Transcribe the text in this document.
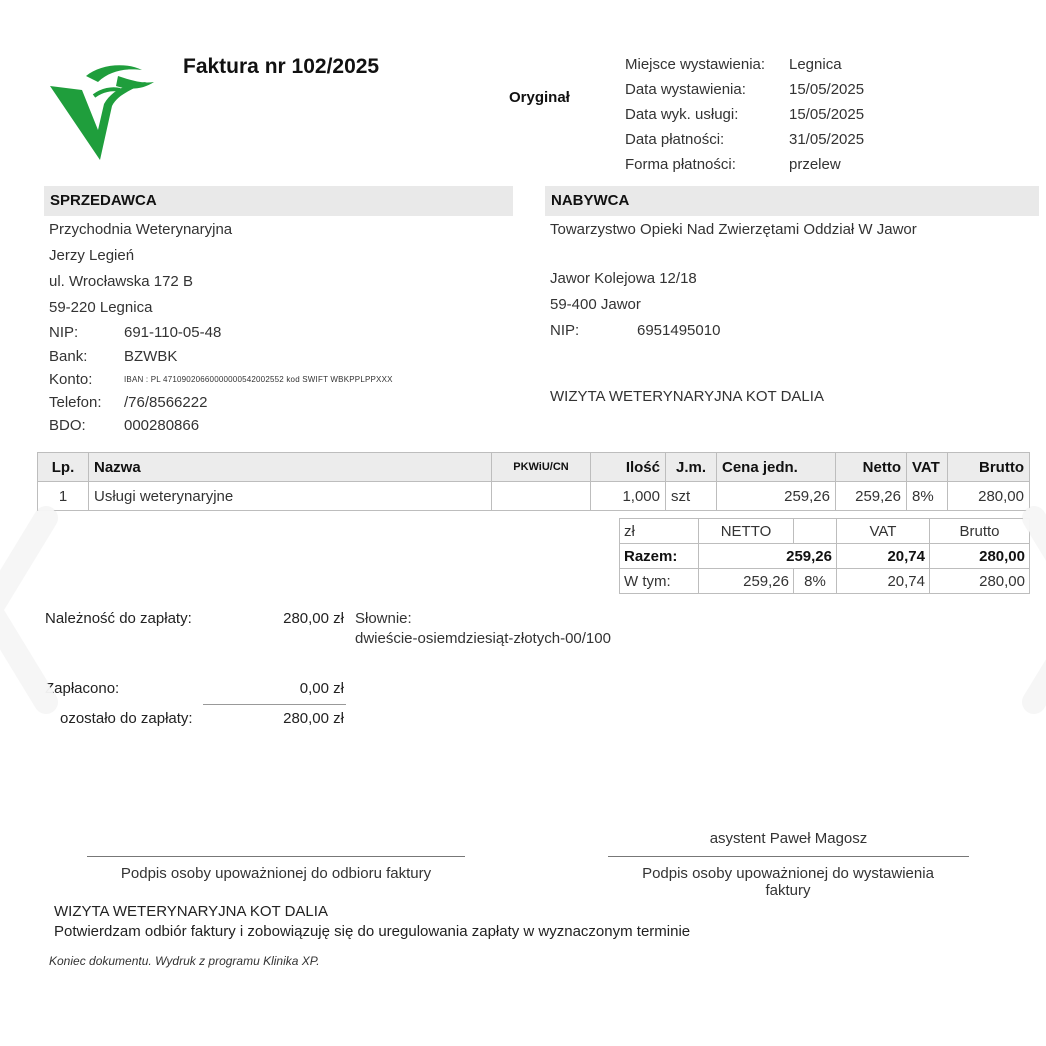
Faktura nr 102/2025
Oryginał
Miejsce wystawienia:	Legnica
Data wystawienia:	15/05/2025
Data wyk. usługi:	15/05/2025
Data płatności:	31/05/2025
Forma płatności:	przelew
SPRZEDAWCA
Przychodnia Weterynaryjna
Jerzy Legień
ul. Wrocławska 172 B
59-220 Legnica
NIP:	691-110-05-48
Bank:	BZWBK
Konto:	IBAN : PL 47109020660000000542002552 kod SWIFT WBKPPLPPXXX
Telefon:	/76/8566222
BDO:	000280866
NABYWCA
Towarzystwo Opieki Nad Zwierzętami Oddział W Jawor
Jawor Kolejowa 12/18
59-400 Jawor
NIP:	6951495010
WIZYTA WETERYNARYJNA KOT DALIA
Lp.	Nazwa	PKWiU/CN	Ilość	J.m.	Cena jedn.	Netto	VAT	Brutto
1	Usługi weterynaryjne		1,000	szt	259,26	259,26	8%	280,00
zł	NETTO		VAT	Brutto
Razem:	259,26		20,74	280,00
W tym:	259,26	8%	20,74	280,00
Należność do zapłaty:	280,00 zł Słownie:
dwieście-osiemdziesiąt-złotych-00/100
Zapłacono:	0,00 zł
ozostało do zapłaty:	280,00 zł
asystent Paweł Magosz
Podpis osoby upoważnionej do odbioru faktury	Podpis osoby upoważnionej do wystawienia faktury
WIZYTA WETERYNARYJNA KOT DALIA
Potwierdzam odbiór faktury i zobowiązuję się do uregulowania zapłaty w wyznaczonym terminie
Koniec dokumentu. Wydruk z programu Klinika XP.
